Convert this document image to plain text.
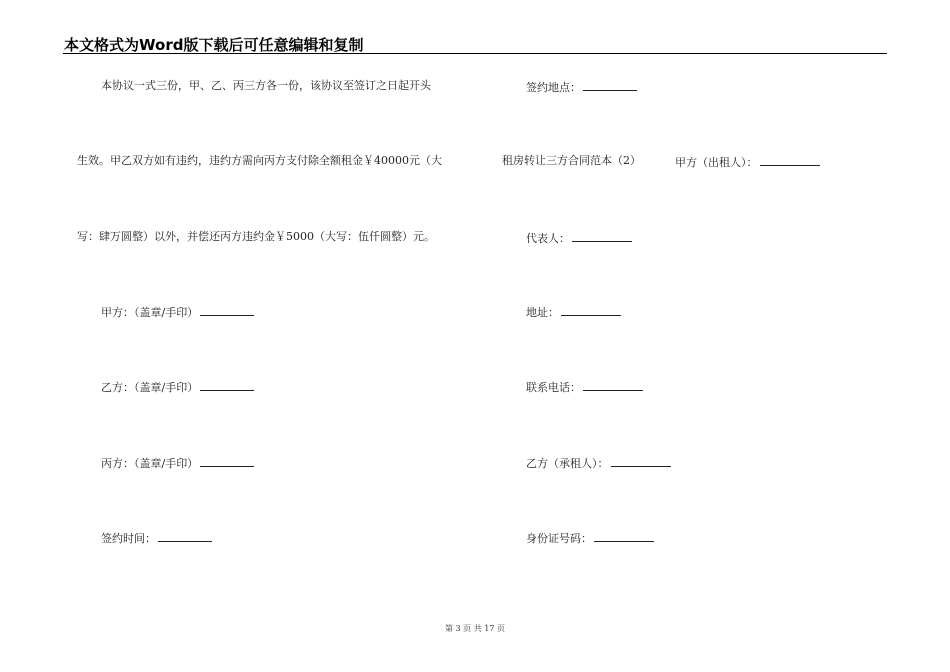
本文格式为Word版下载后可任意编辑和复制
本协议一式三份，甲、乙、丙三方各一份，该协议至签订之日起开头
生效。甲乙双方如有违约，违约方需向丙方支付除全额租金￥40000元（大
写：肆万圆整）以外，并偿还丙方违约金￥5000（大写：伍仟圆整）元。
甲方：（盖章/手印）
乙方：（盖章/手印）
丙方：（盖章/手印）
签约时间：
签约地点：
租房转让三方合同范本（2）	甲方（出租人）：
代表人：
地址：
联系电话：
乙方（承租人）：
身份证号码：
第 3 页 共 17 页
